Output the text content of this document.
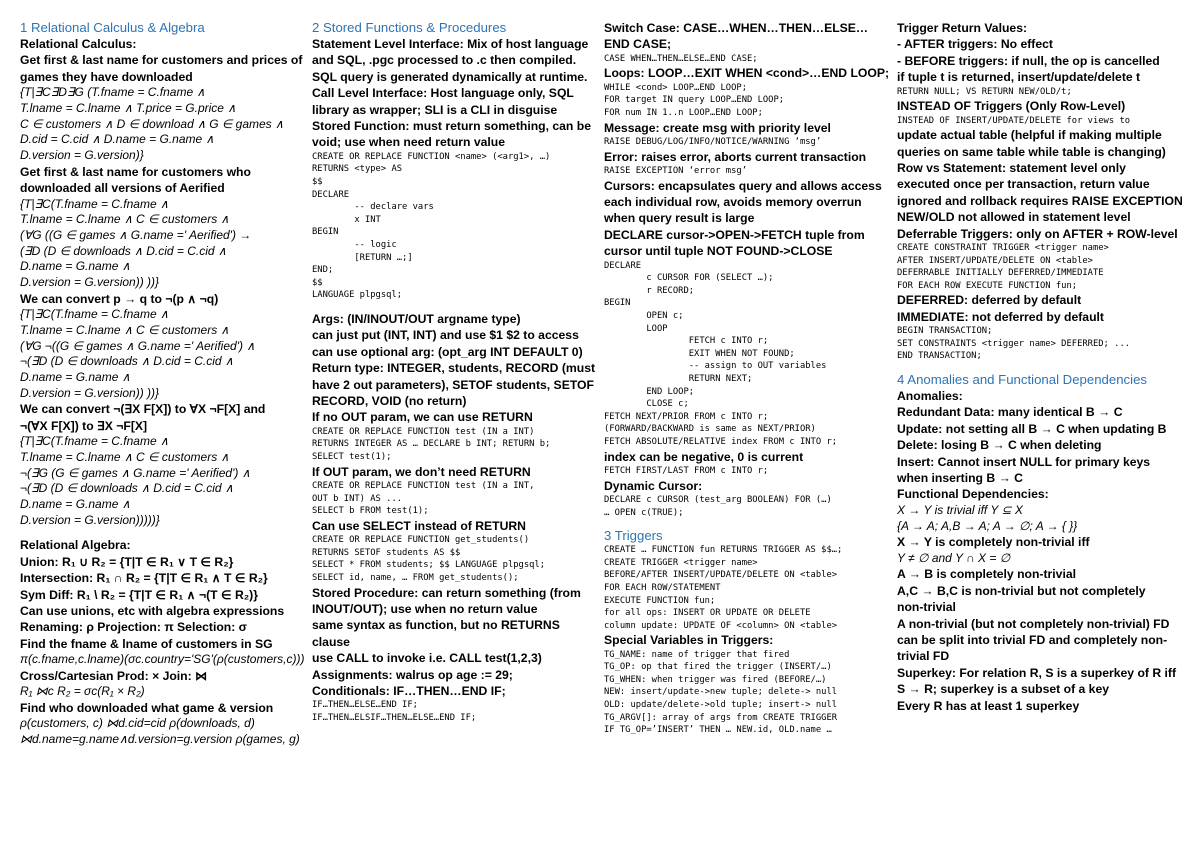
1 Relational Calculus & Algebra
Relational Calculus:
Get first & last name for customers and prices of
games they have downloaded
{T|∃C∃D∃G (T.fname = C.fname ∧
T.lname = C.lname ∧ T.price = G.price ∧
C ∈ customers ∧ D ∈ download ∧ G ∈ games ∧
D.cid = C.cid ∧ D.name = G.name ∧
D.version = G.version)}
Get first & last name for customers who
downloaded all versions of Aerified
{T|∃C(T.fname = C.fname ∧
T.lname = C.lname ∧ C ∈ customers ∧
(∀G ((G ∈ games ∧ G.name =' Aerified') →
(∃D (D ∈ downloads ∧ D.cid = C.cid ∧
D.name = G.name ∧
D.version = G.version)) ))}
We can convert p → q to ¬(p ∧ ¬q)
{T|∃C(T.fname = C.fname ∧
T.lname = C.lname ∧ C ∈ customers ∧
(∀G ¬((G ∈ games ∧ G.name =' Aerified') ∧
¬(∃D (D ∈ downloads ∧ D.cid = C.cid ∧
D.name = G.name ∧
D.version = G.version)) ))}
We can convert ¬(∃X F[X]) to ∀X ¬F[X] and
¬(∀X F[X]) to ∃X ¬F[X]
{T|∃C(T.fname = C.fname ∧
T.lname = C.lname ∧ C ∈ customers ∧
¬(∃G (G ∈ games ∧ G.name =' Aerified') ∧
¬(∃D (D ∈ downloads ∧ D.cid = C.cid ∧
D.name = G.name ∧
D.version = G.version)))))}
Relational Algebra:
Union: R₁ ∪ R₂ = {T|T ∈ R₁ ∨ T ∈ R₂}
Intersection: R₁ ∩ R₂ = {T|T ∈ R₁ ∧ T ∈ R₂}
Sym Diff: R₁ \ R₂ = {T|T ∈ R₁ ∧ ¬(T ∈ R₂)}
Can use unions, etc with algebra expressions
Renaming: ρ Projection: π Selection: σ
Find the fname & lname of customers in SG
π(c.fname,c.lname)(σc.country='SG'(ρ(customers,c)))
Cross/Cartesian Prod: × Join: ⋈
R₁ ⋈c R₂ = σc(R₁ × R₂)
Find who downloaded what game & version
ρ(customers, c) ⋈d.cid=cid ρ(downloads, d)
⋈d.name=g.name∧d.version=g.version ρ(games, g)
2 Stored Functions & Procedures
Statement Level Interface: Mix of host language
and SQL, .pgc processed to .c then compiled.
SQL query is generated dynamically at runtime.
Call Level Interface: Host language only, SQL
library as wrapper; SLI is a CLI in disguise
Stored Function: must return something, can be
void; use when need return value
CREATE OR REPLACE FUNCTION <name> (<arg1>, …)
RETURNS <type> AS
$$
DECLARE
-- declare vars
x INT
BEGIN
-- logic
[RETURN …;]
END;
$$
LANGUAGE plpgsql;
Args: (IN/INOUT/OUT argname type)
can just put (INT, INT) and use $1 $2 to access
can use optional arg: (opt_arg INT DEFAULT 0)
Return type: INTEGER, students, RECORD (must
have 2 out parameters), SETOF students, SETOF
RECORD, VOID (no return)
If no OUT param, we can use RETURN
CREATE OR REPLACE FUNCTION test (IN a INT)
RETURNS INTEGER AS … DECLARE b INT; RETURN b;
SELECT test(1);
If OUT param, we don’t need RETURN
CREATE OR REPLACE FUNCTION test (IN a INT,
OUT b INT) AS ...
SELECT b FROM test(1);
Can use SELECT instead of RETURN
CREATE OR REPLACE FUNCTION get_students()
RETURNS SETOF students AS $$
SELECT * FROM students; $$ LANGUAGE plpgsql;
SELECT id, name, … FROM get_students();
Stored Procedure: can return something (from
INOUT/OUT); use when no return value
same syntax as function, but no RETURNS clause
use CALL to invoke i.e. CALL test(1,2,3)
Assignments: walrus op age := 29;
Conditionals: IF…THEN…END IF;
IF…THEN…ELSE…END IF;
IF…THEN…ELSIF…THEN…ELSE…END IF;
Switch Case: CASE…WHEN…THEN…ELSE…END CASE;
CASE WHEN…THEN…ELSE…END CASE;
Loops: LOOP…EXIT WHEN <cond>…END LOOP;
WHILE <cond> LOOP…END LOOP;
FOR target IN query LOOP…END LOOP;
FOR num IN 1..n LOOP…END LOOP;
Message: create msg with priority level
RAISE DEBUG/LOG/INFO/NOTICE/WARNING ‘msg’
Error: raises error, aborts current transaction
RAISE EXCEPTION ‘error msg’
Cursors: encapsulates query and allows access
each individual row, avoids memory overrun
when query result is large
DECLARE cursor->OPEN->FETCH tuple from
cursor until tuple NOT FOUND->CLOSE
DECLARE
c CURSOR FOR (SELECT …);
r RECORD;
BEGIN
OPEN c;
LOOP
FETCH c INTO r;
EXIT WHEN NOT FOUND;
-- assign to OUT variables
RETURN NEXT;
END LOOP;
CLOSE c;
FETCH NEXT/PRIOR FROM c INTO r;
(FORWARD/BACKWARD is same as NEXT/PRIOR)
FETCH ABSOLUTE/RELATIVE index FROM c INTO r;
index can be negative, 0 is current
FETCH FIRST/LAST FROM c INTO r;
Dynamic Cursor:
DECLARE c CURSOR (test_arg BOOLEAN) FOR (…)
… OPEN c(TRUE);
3 Triggers
CREATE … FUNCTION fun RETURNS TRIGGER AS $$…;
CREATE TRIGGER <trigger name>
BEFORE/AFTER INSERT/UPDATE/DELETE ON <table>
FOR EACH ROW/STATEMENT
EXECUTE FUNCTION fun;
for all ops: INSERT OR UPDATE OR DELETE
column update: UPDATE OF <column> ON <table>
Special Variables in Triggers:
TG_NAME: name of trigger that fired
TG_OP: op that fired the trigger (INSERT/…)
TG_WHEN: when trigger was fired (BEFORE/…)
NEW: insert/update->new tuple; delete-> null
OLD: update/delete->old tuple; insert-> null
TG_ARGV[]: array of args from CREATE TRIGGER
IF TG_OP=’INSERT’ THEN … NEW.id, OLD.name …
Trigger Return Values:
- AFTER triggers: No effect
- BEFORE triggers: if null, the op is cancelled
if tuple t is returned, insert/update/delete t
RETURN NULL; VS RETURN NEW/OLD/t;
INSTEAD OF Triggers (Only Row-Level)
INSTEAD OF INSERT/UPDATE/DELETE for views to
update actual table (helpful if making multiple
queries on same table while table is changing)
Row vs Statement: statement level only
executed once per transaction, return value
ignored and rollback requires RAISE EXCEPTION
NEW/OLD not allowed in statement level
Deferrable Triggers: only on AFTER + ROW-level
CREATE CONSTRAINT TRIGGER <trigger name>
AFTER INSERT/UPDATE/DELETE ON <table>
DEFERRABLE INITIALLY DEFERRED/IMMEDIATE
FOR EACH ROW EXECUTE FUNCTION fun;
DEFERRED: deferred by default
IMMEDIATE: not deferred by default
BEGIN TRANSACTION;
SET CONSTRAINTS <trigger name> DEFERRED; ...
END TRANSACTION;
4 Anomalies and Functional Dependencies
Anomalies:
Redundant Data: many identical B → C
Update: not setting all B → C when updating B
Delete: losing B → C when deleting
Insert: Cannot insert NULL for primary keys
when inserting B → C
Functional Dependencies:
X → Y is trivial iff Y ⊆ X
{A → A; A,B → A; A → ∅; A → { }}
X → Y is completely non-trivial iff
Y ≠ ∅ and Y ∩ X = ∅
A → B is completely non-trivial
A,C → B,C is non-trivial but not completely
non-trivial
A non-trivial (but not completely non-trivial) FD
can be split into trivial FD and completely non-
trivial FD
Superkey: For relation R, S is a superkey of R iff
S → R; superkey is a subset of a key
Every R has at least 1 superkey
